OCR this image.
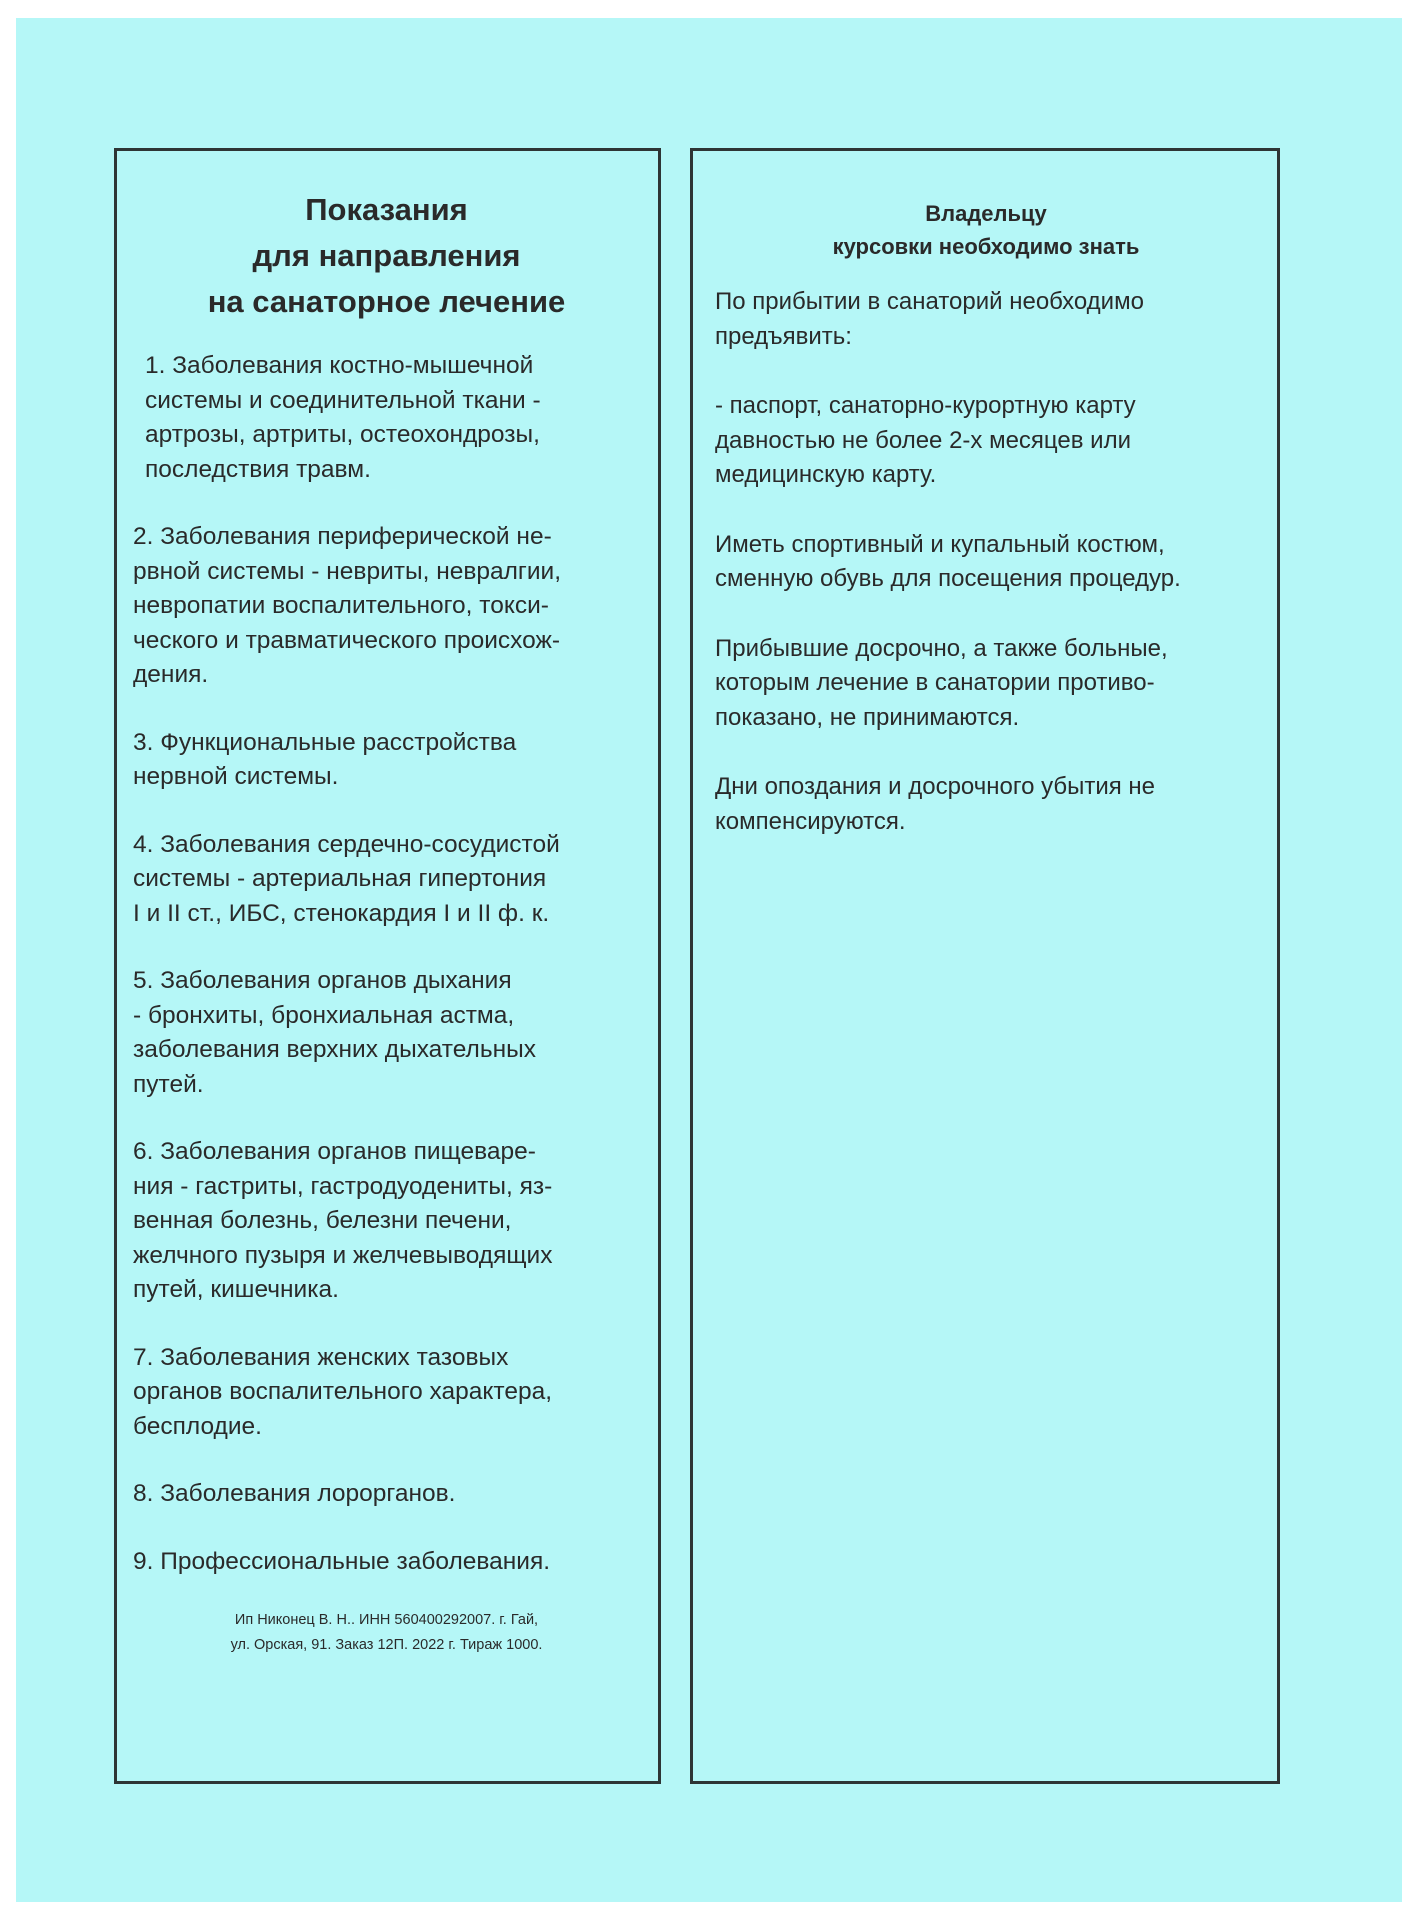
Показания
для направления
на санаторное лечение

1. Заболевания костно-мышечной
системы и соединительной ткани -
артрозы, артриты, остеохондрозы,
последствия травм.

2. Заболевания периферической не-
рвной системы - невриты, невралгии,
невропатии воспалительного, токси-
ческого и травматического происхож-
дения.

3. Функциональные расстройства
нервной системы.

4. Заболевания сердечно-сосудистой
системы - артериальная гипертония
I и II ст., ИБС, стенокардия I и II ф. к.

5. Заболевания органов дыхания
- бронхиты, бронхиальная астма,
заболевания верхних дыхательных
путей.

6. Заболевания органов пищеваре-
ния - гастриты, гастродуодениты, яз-
венная болезнь, белезни печени,
желчного пузыря и желчевыводящих
путей, кишечника.

7. Заболевания женских тазовых
органов воспалительного характера,
бесплодие.

8. Заболевания лорорганов.

9. Профессиональные заболевания.

Ип Никонец В. Н.. ИНН 560400292007. г. Гай,
ул. Орская, 91. Заказ 12П. 2022 г. Тираж 1000.
Владельцу
курсовки необходимо знать

По прибытии в санаторий необходимо
предъявить:

- паспорт, санаторно-курортную карту
давностью не более 2-х месяцев или
медицинскую карту.

Иметь спортивный и купальный костюм,
сменную обувь для посещения процедур.

Прибывшие досрочно, а также больные,
которым лечение в санатории противо-
показано, не принимаются.

Дни опоздания и досрочного убытия не
компенсируются.
